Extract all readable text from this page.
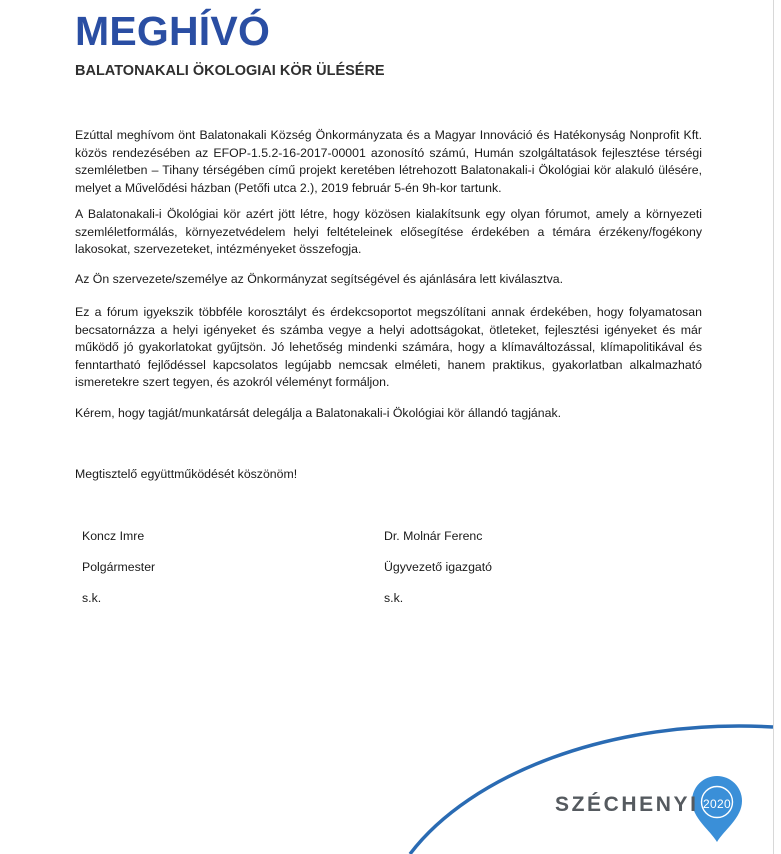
MEGHÍVÓ
BALATONAKALI ÖKOLOGIAI KÖR ÜLÉSÉRE

Ezúttal meghívom önt Balatonakali Község Önkormányzata és a Magyar Innováció és Hatékonyság Nonprofit Kft. közös rendezésében az EFOP-1.5.2-16-2017-00001 azonosító számú, Humán szolgáltatások fejlesztése térségi szemléletben – Tihany térségében című projekt keretében létrehozott Balatonakali-i Ökológiai kör alakuló ülésére, melyet a Művelődési házban (Petőfi utca 2.), 2019 február 5-én 9h-kor tartunk.

A Balatonakali-i Ökológiai kör azért jött létre, hogy közösen kialakítsunk egy olyan fórumot, amely a környezeti szemléletformálás, környezetvédelem helyi feltételeinek elősegítése érdekében a témára érzékeny/fogékony lakosokat, szervezeteket, intézményeket összefogja.

Az Ön szervezete/személye az Önkormányzat segítségével és ajánlására lett kiválasztva.

Ez a fórum igyekszik többféle korosztályt és érdekcsoportot megszólítani annak érdekében, hogy folyamatosan becsatornázza a helyi igényeket és számba vegye a helyi adottságokat, ötleteket, fejlesztési igényeket és már működő jó gyakorlatokat gyűjtsön. Jó lehetőség mindenki számára, hogy a klímaváltozással, klímapolitikával és fenntartható fejlődéssel kapcsolatos legújabb nemcsak elméleti, hanem praktikus, gyakorlatban alkalmazható ismeretekre szert tegyen, és azokról véleményt formáljon.

Kérem, hogy tagját/munkatársát delegálja a Balatonakali-i Ökológiai kör állandó tagjának.

Megtisztelő együttműködését köszönöm!

Koncz Imre	Dr. Molnár Ferenc
Polgármester	Ügyvezető igazgató
s.k.	s.k.
SZÉCHENYI 2020
